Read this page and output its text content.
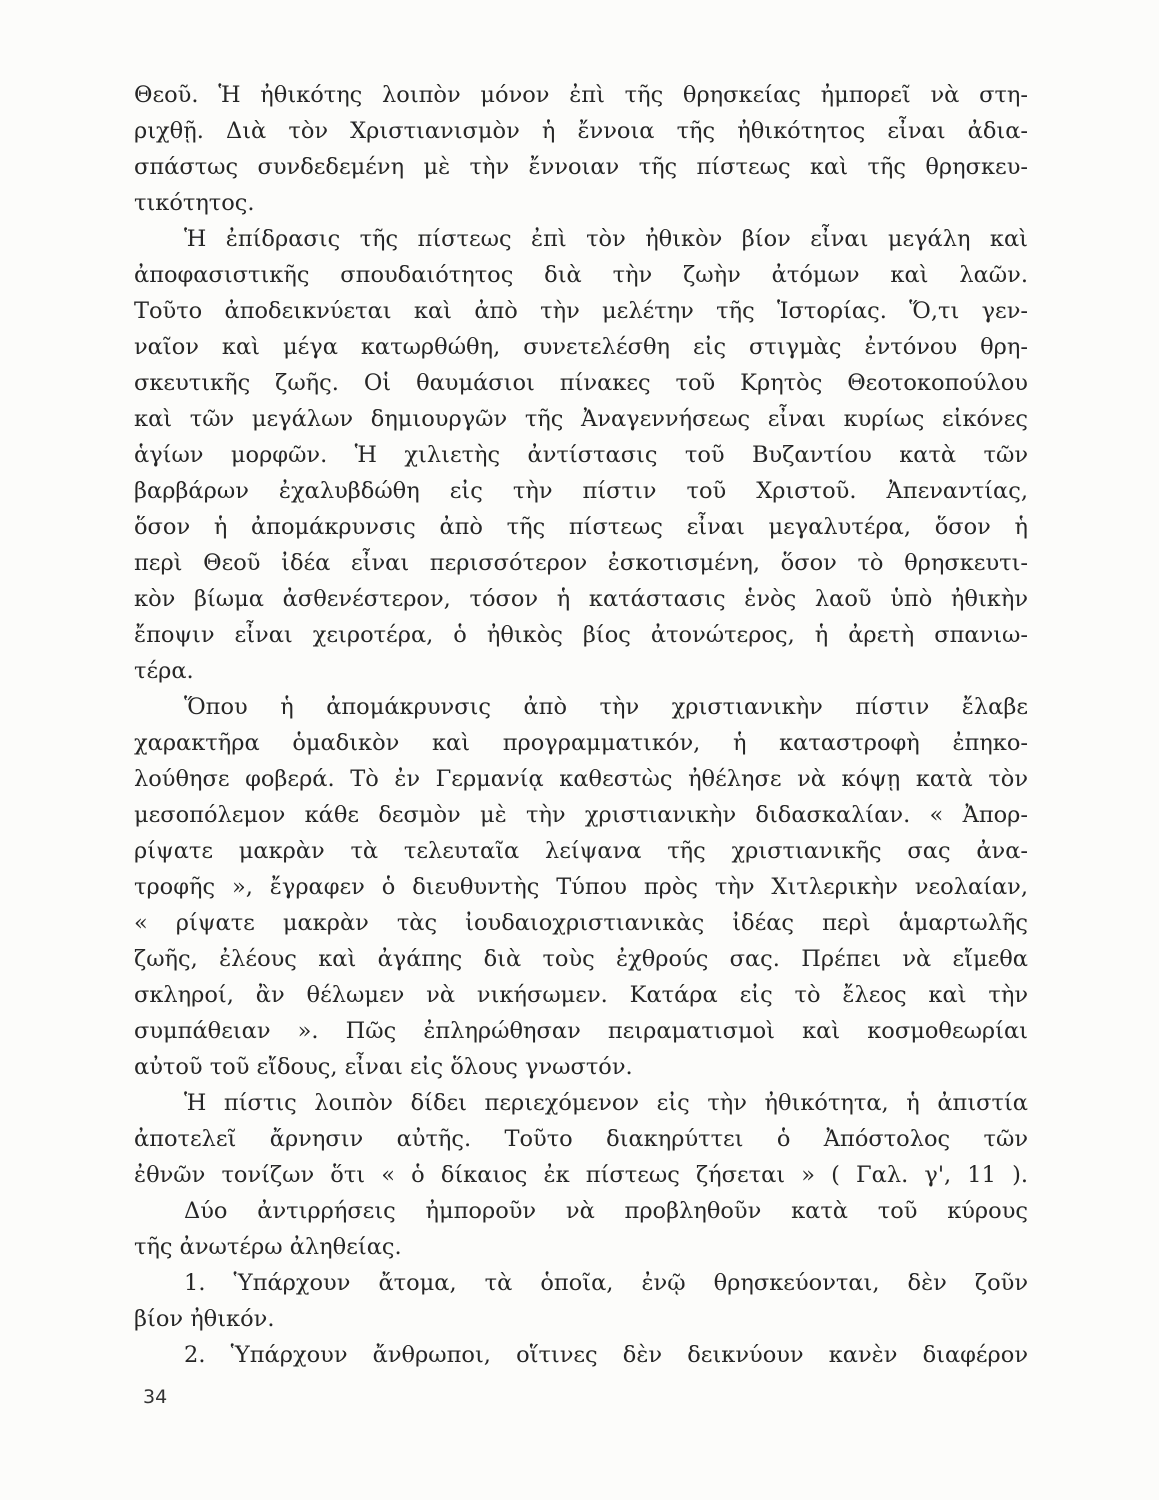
Θεοῦ. Ἡ ἠθικότης λοιπὸν μόνον ἐπὶ τῆς θρησκείας ἠμπορεῖ νὰ στη-
ριχθῇ. Διὰ τὸν Χριστιανισμὸν ἡ ἔννοια τῆς ἠθικότητος εἶναι ἀδια-
σπάστως συνδεδεμένη μὲ τὴν ἔννοιαν τῆς πίστεως καὶ τῆς θρησκευ-
τικότητος.
Ἡ ἐπίδρασις τῆς πίστεως ἐπὶ τὸν ἠθικὸν βίον εἶναι μεγάλη καὶ
ἀποφασιστικῆς σπουδαιότητος διὰ τὴν ζωὴν ἀτόμων καὶ λαῶν.
Τοῦτο ἀποδεικνύεται καὶ ἀπὸ τὴν μελέτην τῆς Ἱστορίας. Ὅ,τι γεν-
ναῖον καὶ μέγα κατωρθώθη, συνετελέσθη εἰς στιγμὰς ἐντόνου θρη-
σκευτικῆς ζωῆς. Οἱ θαυμάσιοι πίνακες τοῦ Κρητὸς Θεοτοκοπούλου
καὶ τῶν μεγάλων δημιουργῶν τῆς Ἀναγεννήσεως εἶναι κυρίως εἰκόνες
ἁγίων μορφῶν. Ἡ χιλιετὴς ἀντίστασις τοῦ Βυζαντίου κατὰ τῶν
βαρβάρων ἐχαλυβδώθη εἰς τὴν πίστιν τοῦ Χριστοῦ. Ἀπεναντίας,
ὅσον ἡ ἀπομάκρυνσις ἀπὸ τῆς πίστεως εἶναι μεγαλυτέρα, ὅσον ἡ
περὶ Θεοῦ ἰδέα εἶναι περισσότερον ἐσκοτισμένη, ὅσον τὸ θρησκευτι-
κὸν βίωμα ἀσθενέστερον, τόσον ἡ κατάστασις ἑνὸς λαοῦ ὑπὸ ἠθικὴν
ἔποψιν εἶναι χειροτέρα, ὁ ἠθικὸς βίος ἀτονώτερος, ἡ ἀρετὴ σπανιω-
τέρα.
Ὅπου ἡ ἀπομάκρυνσις ἀπὸ τὴν χριστιανικὴν πίστιν ἔλαβε
χαρακτῆρα ὁμαδικὸν καὶ προγραμματικόν, ἡ καταστροφὴ ἐπηκο-
λούθησε φοβερά. Τὸ ἐν Γερμανίᾳ καθεστὼς ἠθέλησε νὰ κόψῃ κατὰ τὸν
μεσοπόλεμον κάθε δεσμὸν μὲ τὴν χριστιανικὴν διδασκαλίαν. « Ἀπορ-
ρίψατε μακρὰν τὰ τελευταῖα λείψανα τῆς χριστιανικῆς σας ἀνα-
τροφῆς », ἔγραφεν ὁ διευθυντὴς Τύπου πρὸς τὴν Χιτλερικὴν νεολαίαν,
« ρίψατε μακρὰν τὰς ἰουδαιοχριστιανικὰς ἰδέας περὶ ἁμαρτωλῆς
ζωῆς, ἐλέους καὶ ἀγάπης διὰ τοὺς ἐχθρούς σας. Πρέπει νὰ εἴμεθα
σκληροί, ἂν θέλωμεν νὰ νικήσωμεν. Κατάρα εἰς τὸ ἔλεος καὶ τὴν
συμπάθειαν ». Πῶς ἐπληρώθησαν πειραματισμοὶ καὶ κοσμοθεωρίαι
αὐτοῦ τοῦ εἴδους, εἶναι εἰς ὅλους γνωστόν.
Ἡ πίστις λοιπὸν δίδει περιεχόμενον εἰς τὴν ἠθικότητα, ἡ ἀπιστία
ἀποτελεῖ ἄρνησιν αὐτῆς. Τοῦτο διακηρύττει ὁ Ἀπόστολος τῶν
ἐθνῶν τονίζων ὅτι « ὁ δίκαιος ἐκ πίστεως ζήσεται » ( Γαλ. γ', 11 ).
Δύο ἀντιρρήσεις ἠμποροῦν νὰ προβληθοῦν κατὰ τοῦ κύρους
τῆς ἀνωτέρω ἀληθείας.
1. Ὑπάρχουν ἄτομα, τὰ ὁποῖα, ἐνῷ θρησκεύονται, δὲν ζοῦν
βίον ἠθικόν.
2. Ὑπάρχουν ἄνθρωποι, οἵτινες δὲν δεικνύουν κανὲν διαφέρον
34
